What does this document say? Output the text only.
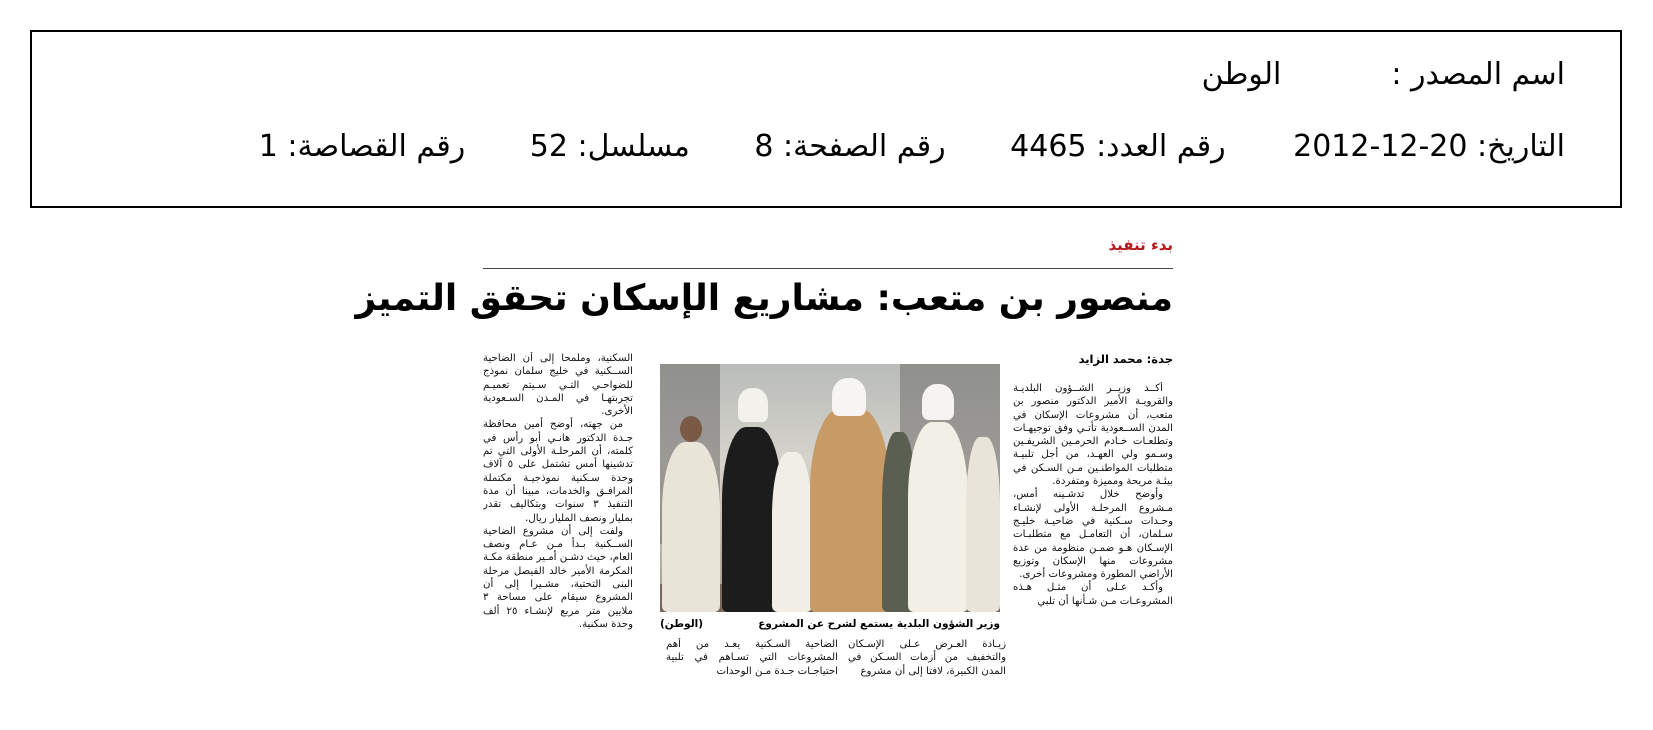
اسم المصدر :الوطن
التاريخ: 2012-12-20 رقم العدد: 4465 رقم الصفحة: 8 مسلسل: 52 رقم القصاصة: 1
بدء تنفيذ
منصور بن متعب: مشاريع الإسكان تحقق التميز
جدة: محمد الزايد

أكــد وزيــر الشــؤون البلديـة والقرويـة الأمير الدكتور منصور بن متعب، أن مشروعات الإسكان في المدن الســعودية تأتـي وفق توجيهـات وتطلعـات خـادم الحرمـين الشريفـين وسـمو ولي العهـد، من أجل تلبيـة متطلبات المواطنـين مـن السـكن في بيئـة مريحة ومميزة ومتفردة.

وأوضح خلال تدشـينه أمس، مـشروع المرحلـة الأولى لإنشـاء وحـدات سـكنية في ضاحيـة خليـج سـلمان، أن التعامـل مع متطلبـات الإسـكان هـو ضمـن منظومة من عدة مشروعات منها الإسكان وتوزيع الأراضي المطورة ومشروعات أخرى.

وأكـد عـلى أن مثـل هـذه المشروعـات مـن شـأنها أن تلبي

وزير الشؤون البلدية يستمع لشرح عن المشروع
(الوطن)

زيـادة العـرض عـلى الإسـكان والتخفيف من أزمات السـكن في المدن الكبيرة، لافتا إلى أن مشروع

الضاحية السـكنية يعـد من أهم المشروعات التي تسـاهم في تلبية احتياجـات جـدة مـن الوحدات

السكنية، وملمحا إلى أن الضاحية الســكنية في خليج سلمان نموذج للضواحـي التـي سـيتم تعميـم تجربتهـا في المـدن السـعودية الأخرى.

من جهته، أوضح أمين محافظة جـدة الدكتور هانـي أبو رأس في كلمته، أن المرحلـة الأولى التي تم تدشينها أمس تشتمل على ٥ آلاف وحدة سـكنية نموذجيـة مكتملة المرافـق والخدمات، مبينا أن مدة التنفيذ ٣ سنوات وبتكاليف تقدر بمليار ونصف المليار ريال.

ولفت إلى أن مشروع الضاحية الســكنية بـدأ مـن عـام ونصف العام، حيث دشـن أمـير منطقة مكـة المكرمة الأمير خالد الفيصل مرحلة البنى التحتية، مشـيرا إلى أن المشروع سيقام على مساحة ٣ ملايين متر مربع لإنشـاء ٢٥ ألف وحدة سكنية.
